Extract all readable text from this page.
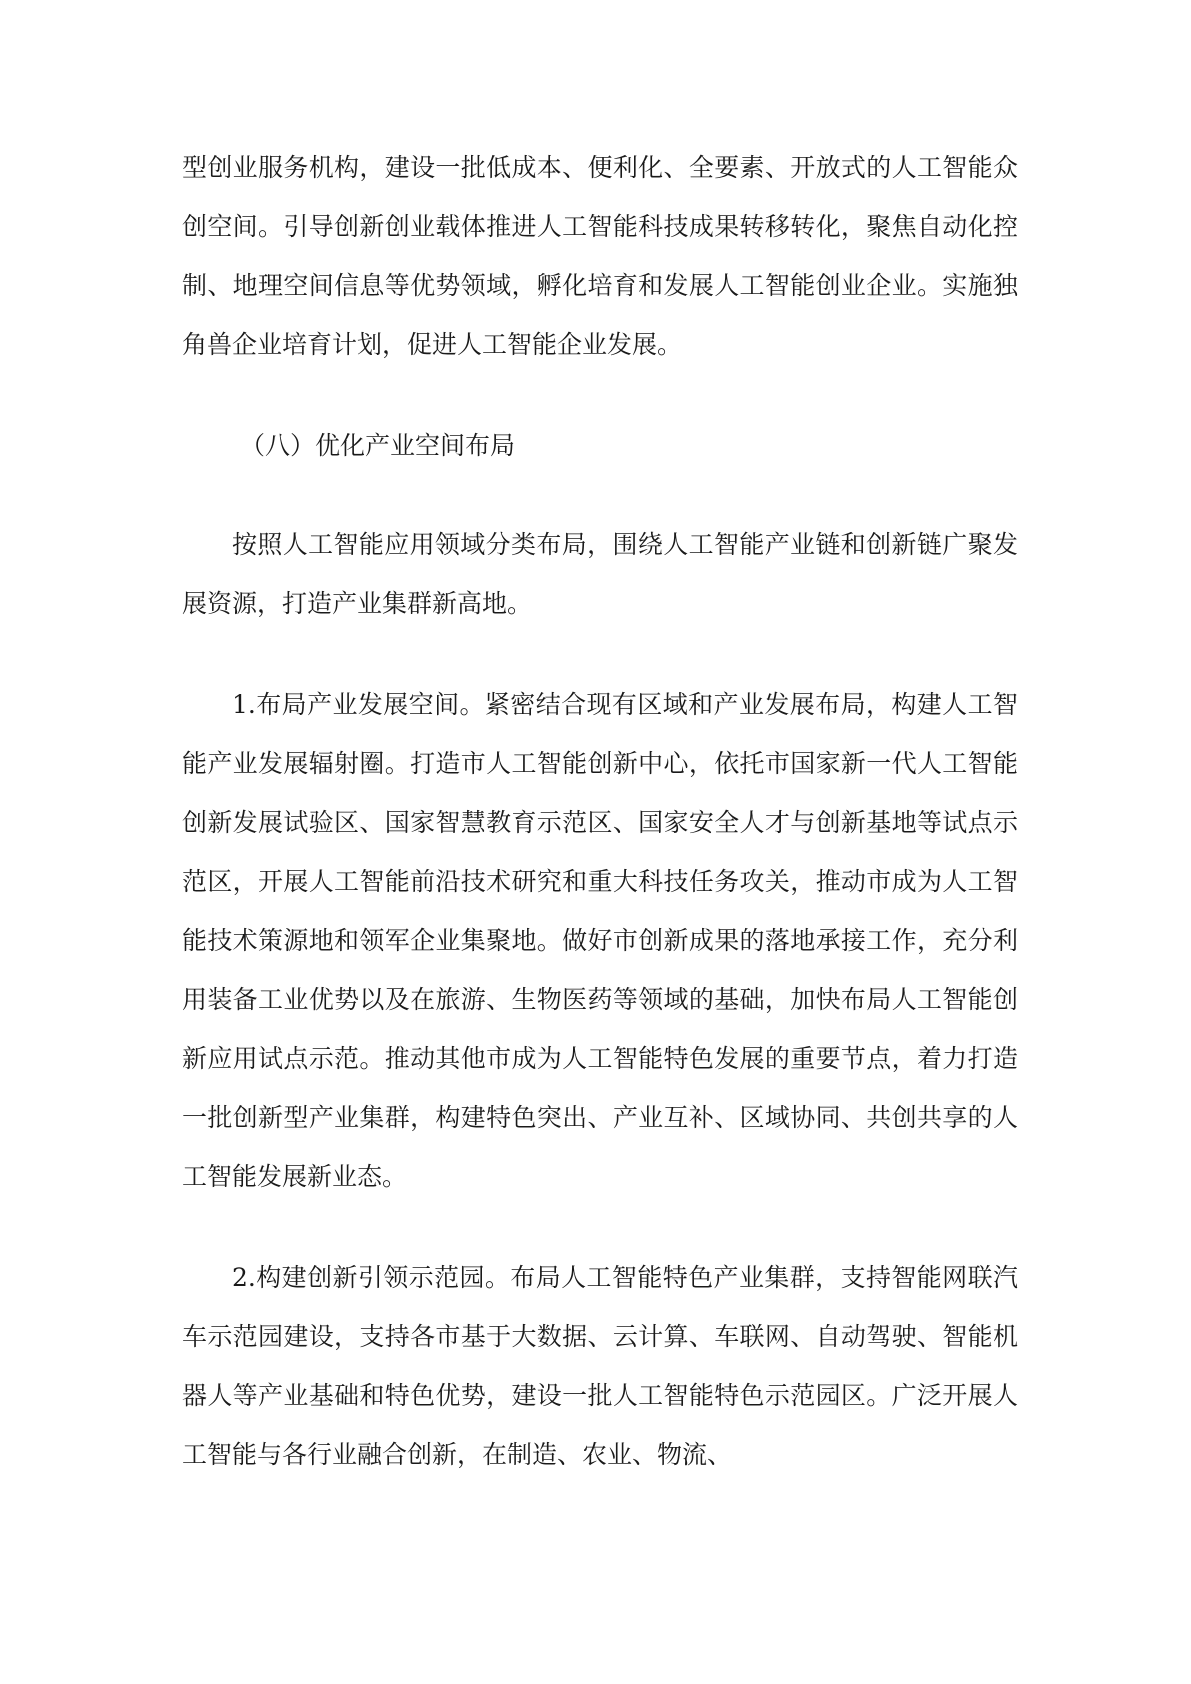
型创业服务机构，建设一批低成本、便利化、全要素、开放式的人工智能众创空间。引导创新创业载体推进人工智能科技成果转移转化，聚焦自动化控制、地理空间信息等优势领域，孵化培育和发展人工智能创业企业。实施独角兽企业培育计划，促进人工智能企业发展。

（八）优化产业空间布局

按照人工智能应用领域分类布局，围绕人工智能产业链和创新链广聚发展资源，打造产业集群新高地。

1.布局产业发展空间。紧密结合现有区域和产业发展布局，构建人工智能产业发展辐射圈。打造市人工智能创新中心，依托市国家新一代人工智能创新发展试验区、国家智慧教育示范区、国家安全人才与创新基地等试点示范区，开展人工智能前沿技术研究和重大科技任务攻关，推动市成为人工智能技术策源地和领军企业集聚地。做好市创新成果的落地承接工作，充分利用装备工业优势以及在旅游、生物医药等领域的基础，加快布局人工智能创新应用试点示范。推动其他市成为人工智能特色发展的重要节点，着力打造一批创新型产业集群，构建特色突出、产业互补、区域协同、共创共享的人工智能发展新业态。

2.构建创新引领示范园。布局人工智能特色产业集群，支持智能网联汽车示范园建设，支持各市基于大数据、云计算、车联网、自动驾驶、智能机器人等产业基础和特色优势，建设一批人工智能特色示范园区。广泛开展人工智能与各行业融合创新，在制造、农业、物流、
